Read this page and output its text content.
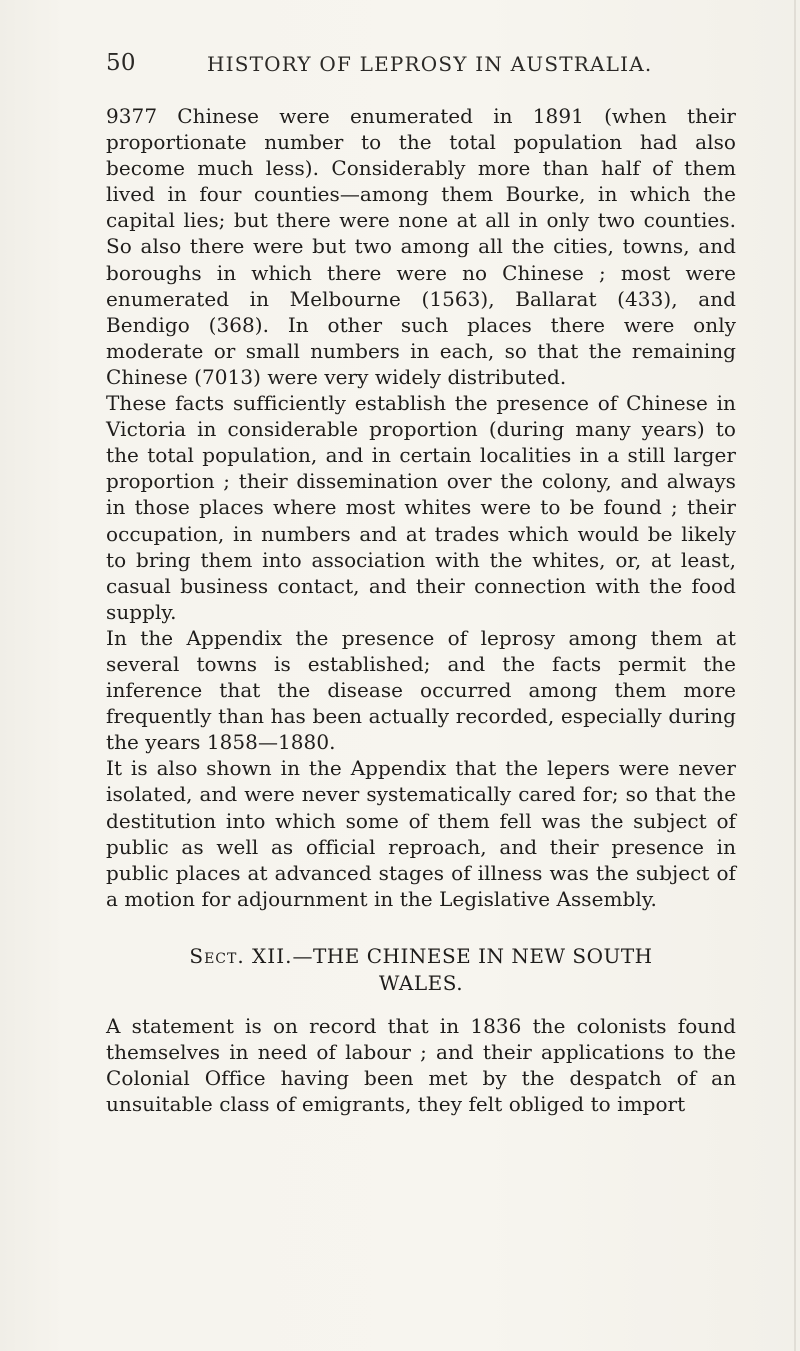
50	HISTORY OF LEPROSY IN AUSTRALIA.

9377 Chinese were enumerated in 1891 (when their proportionate number to the total population had also become much less). Considerably more than half of them lived in four counties—among them Bourke, in which the capital lies; but there were none at all in only two counties. So also there were but two among all the cities, towns, and boroughs in which there were no Chinese ; most were enumerated in Melbourne (1563), Ballarat (433), and Bendigo (368). In other such places there were only moderate or small numbers in each, so that the remaining Chinese (7013) were very widely distributed.

These facts sufficiently establish the presence of Chinese in Victoria in considerable proportion (during many years) to the total population, and in certain localities in a still larger proportion ; their dissemination over the colony, and always in those places where most whites were to be found ; their occupation, in numbers and at trades which would be likely to bring them into association with the whites, or, at least, casual business contact, and their connection with the food supply.

In the Appendix the presence of leprosy among them at several towns is established; and the facts permit the inference that the disease occurred among them more frequently than has been actually recorded, especially during the years 1858—1880.

It is also shown in the Appendix that the lepers were never isolated, and were never systematically cared for; so that the destitution into which some of them fell was the subject of public as well as official reproach, and their presence in public places at advanced stages of illness was the subject of a motion for adjournment in the Legislative Assembly.

Sect. XII.—THE CHINESE IN NEW SOUTH
WALES.

A statement is on record that in 1836 the colonists found themselves in need of labour ; and their applications to the Colonial Office having been met by the despatch of an unsuitable class of emigrants, they felt obliged to import
